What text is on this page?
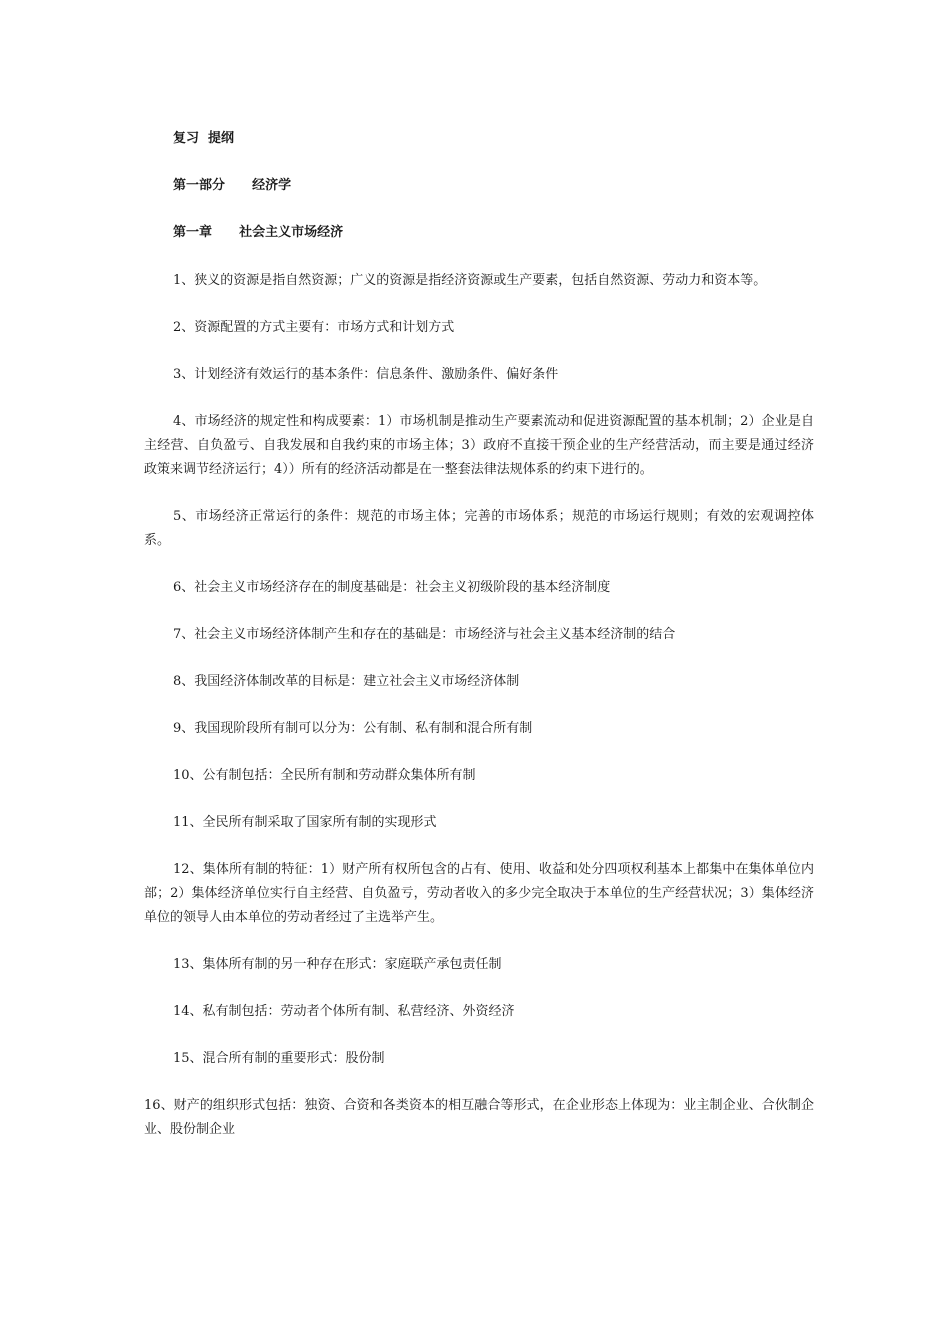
复习  提纲
第一部分      经济学
第一章      社会主义市场经济

1、狭义的资源是指自然资源；广义的资源是指经济资源或生产要素，包括自然资源、劳动力和资本等。

2、资源配置的方式主要有：市场方式和计划方式

3、计划经济有效运行的基本条件：信息条件、激励条件、偏好条件

4、市场经济的规定性和构成要素：1）市场机制是推动生产要素流动和促进资源配置的基本机制；2）企业是自主经营、自负盈亏、自我发展和自我约束的市场主体；3）政府不直接干预企业的生产经营活动，而主要是通过经济政策来调节经济运行；4））所有的经济活动都是在一整套法律法规体系的约束下进行的。

5、市场经济正常运行的条件：规范的市场主体；完善的市场体系；规范的市场运行规则；有效的宏观调控体系。

6、社会主义市场经济存在的制度基础是：社会主义初级阶段的基本经济制度

7、社会主义市场经济体制产生和存在的基础是：市场经济与社会主义基本经济制的结合

8、我国经济体制改革的目标是：建立社会主义市场经济体制

9、我国现阶段所有制可以分为：公有制、私有制和混合所有制

10、公有制包括：全民所有制和劳动群众集体所有制

11、全民所有制采取了国家所有制的实现形式

12、集体所有制的特征：1）财产所有权所包含的占有、使用、收益和处分四项权利基本上都集中在集体单位内部；2）集体经济单位实行自主经营、自负盈亏，劳动者收入的多少完全取决于本单位的生产经营状况；3）集体经济单位的领导人由本单位的劳动者经过了主选举产生。

13、集体所有制的另一种存在形式：家庭联产承包责任制

14、私有制包括：劳动者个体所有制、私营经济、外资经济

15、混合所有制的重要形式：股份制

16、财产的组织形式包括：独资、合资和各类资本的相互融合等形式，在企业形态上体现为：业主制企业、合伙制企业、股份制企业
